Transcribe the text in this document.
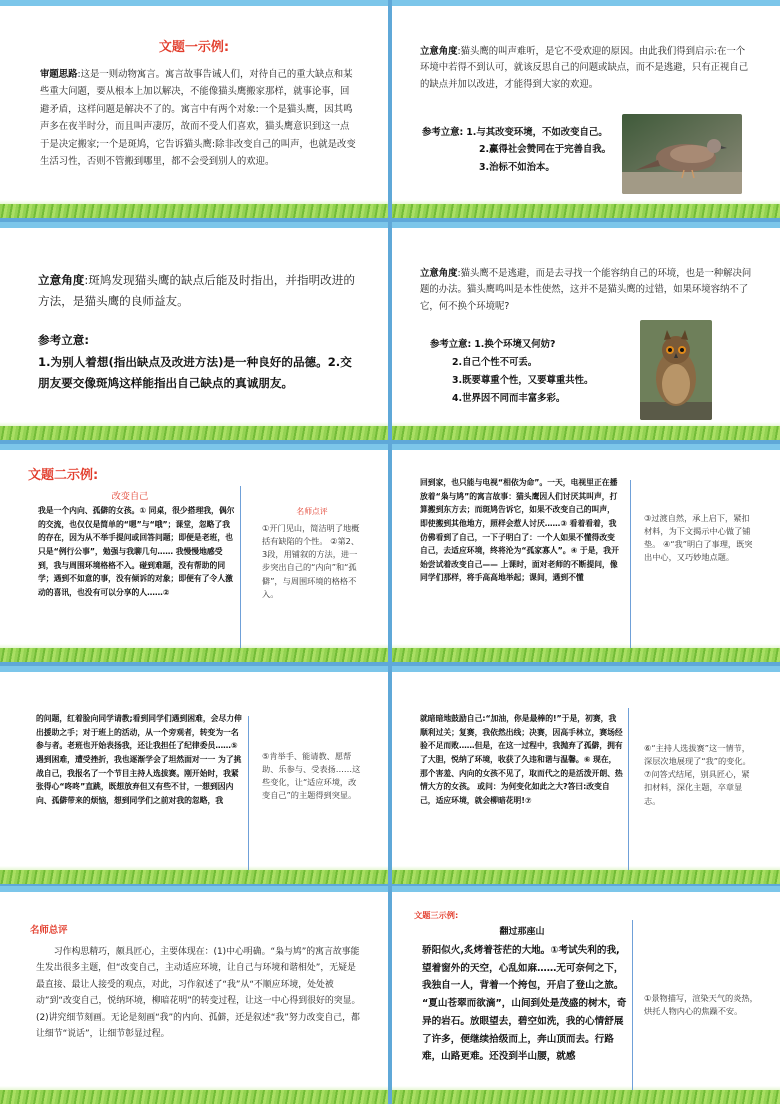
文题一示例:
审题思路:这是一则动物寓言。寓言故事告诫人们，对待自己的重大缺点和某些重大问题，要从根本上加以解决，不能像猫头鹰搬家那样，就事论事，回避矛盾，这样问题是解决不了的。寓言中有两个对象:一个是猫头鹰，因其鸣声多在夜半时分，而且叫声凄厉，故而不受人们喜欢，猫头鹰意识到这一点于是决定搬家;一个是斑鸠，它告诉猫头鹰:除非改变自己的叫声，也就是改变生活习性，否则不管搬到哪里，都不会受到别人的欢迎。
立意角度:猫头鹰的叫声难听，是它不受欢迎的原因。由此我们得到启示:在一个环境中若得不到认可，就该反思自己的问题或缺点，而不是逃避，只有正视自己的缺点并加以改进，才能得到大家的欢迎。
参考立意: 1.与其改变环境，不如改变自己。
2.赢得社会赞同在于完善自我。
3.治标不如治本。
立意角度:斑鸠发现猫头鹰的缺点后能及时指出，并指明改进的方法，是猫头鹰的良师益友。
参考立意:
1.为别人着想(指出缺点及改进方法)是一种良好的品德。2.交朋友要交像斑鸠这样能指出自己缺点的真诚朋友。
立意角度:猫头鹰不是逃避，而是去寻找一个能容纳自己的环境，也是一种解决问题的办法。猫头鹰鸣叫是本性使然，这并不是猫头鹰的过错，如果环境容纳不了它，何不换个环境呢?
参考立意: 1.换个环境又何妨?
2.自己个性不可丢。
3.既要尊重个性，又要尊重共性。
4.世界因不同而丰富多彩。
文题二示例:
改变自己
我是一个内向、孤僻的女孩。① 同桌，很少搭理我，偶尔的交流，也仅仅是简单的“嗯”与“哦”；课堂，忽略了我的存在，因为从不举手提问或回答问题；即便是老班，也只是“例行公事”，勉强与我聊几句…… 我慢慢地感受到，我与周围环境格格不入。碰到难题，没有帮助的同学；遇到不如意的事，没有倾诉的对象；即便有了令人激动的喜讯，也没有可以分享的人……②
名师点评
①开门见山，简洁明了地概括有缺陷的个性。 ②第2、3段，用铺叙的方法，进一步突出自己的“内向”和“孤僻”，与周围环境的格格不入。
回到家，也只能与电视“相依为命”。一天，电视里正在播放着“枭与鸠”的寓言故事：猫头鹰因人们讨厌其叫声，打算搬到东方去；而斑鸠告诉它，如果不改变自己的叫声，即使搬到其他地方，照样会惹人讨厌……③ 看着看着，我仿佛看到了自己，一下子明白了：一个人如果不懂得改变自己，去适应环境，终将沦为“孤家寡人”。④ 于是，我开始尝试着改变自己—— 上课时，面对老师的不断提问，像同学们那样，将手高高地举起；课间，遇到不懂
③过渡自然，承上启下，紧扣材料，为下文揭示中心做了铺垫。 ④“我”明白了事理，既突出中心，又巧妙地点题。
的问题，红着脸向同学请教;看到同学们遇到困难，会尽力伸出援助之手；对于班上的活动，从一个旁观者，转变为一名参与者。老班也开始表扬我，还让我担任了纪律委员……⑤ 遇到困难，遭受挫折，我也逐渐学会了坦然面对一一 为了挑战自己，我报名了一个节目主持人选拔赛。刚开始时，我紧张得心“咚咚”直跳，既想放弃但又有些不甘，一想到因内向、孤僻带来的烦恼，想到同学们之前对我的忽略，我
⑤肯举手、能请教、愿帮助、乐参与、受表扬……这些变化，让“适应环境，改变自己”的主题得到突显。
就暗暗地鼓励自己:“加油，你是最棒的!”于是，初赛，我顺利过关；复赛，我依然出线；决赛，因高手林立，赛场经验不足而败……但是，在这一过程中，我抛弃了孤僻，拥有了大胆，悦纳了环境，收获了久违和谐与温馨。⑥ 现在，那个害羞、内向的女孩不见了，取而代之的是活泼开朗、热情大方的女孩。 或问：为何变化如此之大?答曰:改变自己，适应环境，就会柳暗花明!⑦
⑥“主持人选拔赛”这一情节，深层次地展现了“我”的变化。 ⑦问答式结尾，别具匠心，紧扣材料，深化主题，卒章显志。
名师总评
习作构思精巧，颇具匠心，主要体现在：(1)中心明确。“枭与鸠”的寓言故事能生发出很多主题，但“改变自己，主动适应环境，让自己与环境和谐相处”，无疑是最直接、最让人接受的观点，对此，习作叙述了“我”从“不顺应环境，处处被动”到“改变自己，悦纳环境，柳暗花明”的转变过程，让这一中心得到很好的突显。(2)讲究细节刻画。无论是刻画“我”的内向、孤僻，还是叙述“我”努力改变自己，都让细节“说话”，让细节彰显过程。
文题三示例:
翻过那座山
骄阳似火,炙烤着苍茫的大地。①考试失利的我,望着窗外的天空，心乱如麻……无可奈何之下，我独自一人，背着一个挎包，开启了登山之旅。 “夏山苍翠而欲滴”，山间到处是茂盛的树木，奇异的岩石。放眼望去，碧空如洗，我的心情舒展了许多，便继续拾级而上，奔山顶而去。行路难，山路更难。还没到半山腰，就感
①景物描写，渲染天气的炎热，烘托人物内心的焦躁不安。
